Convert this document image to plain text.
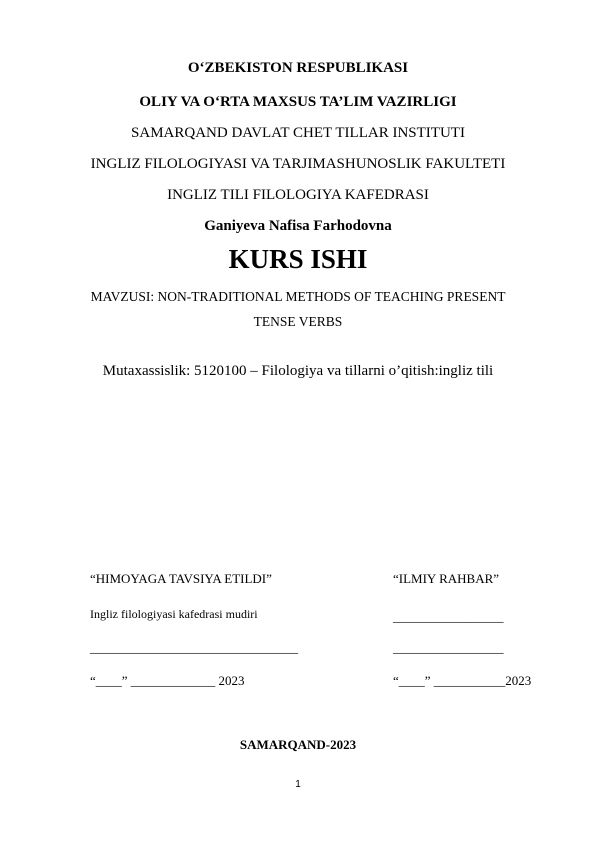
O‘ZBEKISTON RESPUBLIKASI
OLIY VA O‘RTA MAXSUS TA’LIM VAZIRLIGI
SAMARQAND DAVLAT CHET TILLAR INSTITUTI
INGLIZ FILOLOGIYASI VA TARJIMASHUNOSLIK FAKULTETI
INGLIZ TILI FILOLOGIYA KAFEDRASI
Ganiyeva Nafisa Farhodovna
KURS ISHI
MAVZUSI: NON-TRADITIONAL METHODS OF TEACHING PRESENT
TENSE VERBS
Mutaxassislik: 5120100 – Filologiya va tillarni o’qitish:ingliz tili
“HIMOYAGA TAVSIYA ETILDI”
Ingliz filologiyasi kafedrasi mudiri
________________________________
“____” _____________ 2023
“ILMIY RAHBAR”
_________________
_________________
“____” ___________2023
SAMARQAND-2023
1
